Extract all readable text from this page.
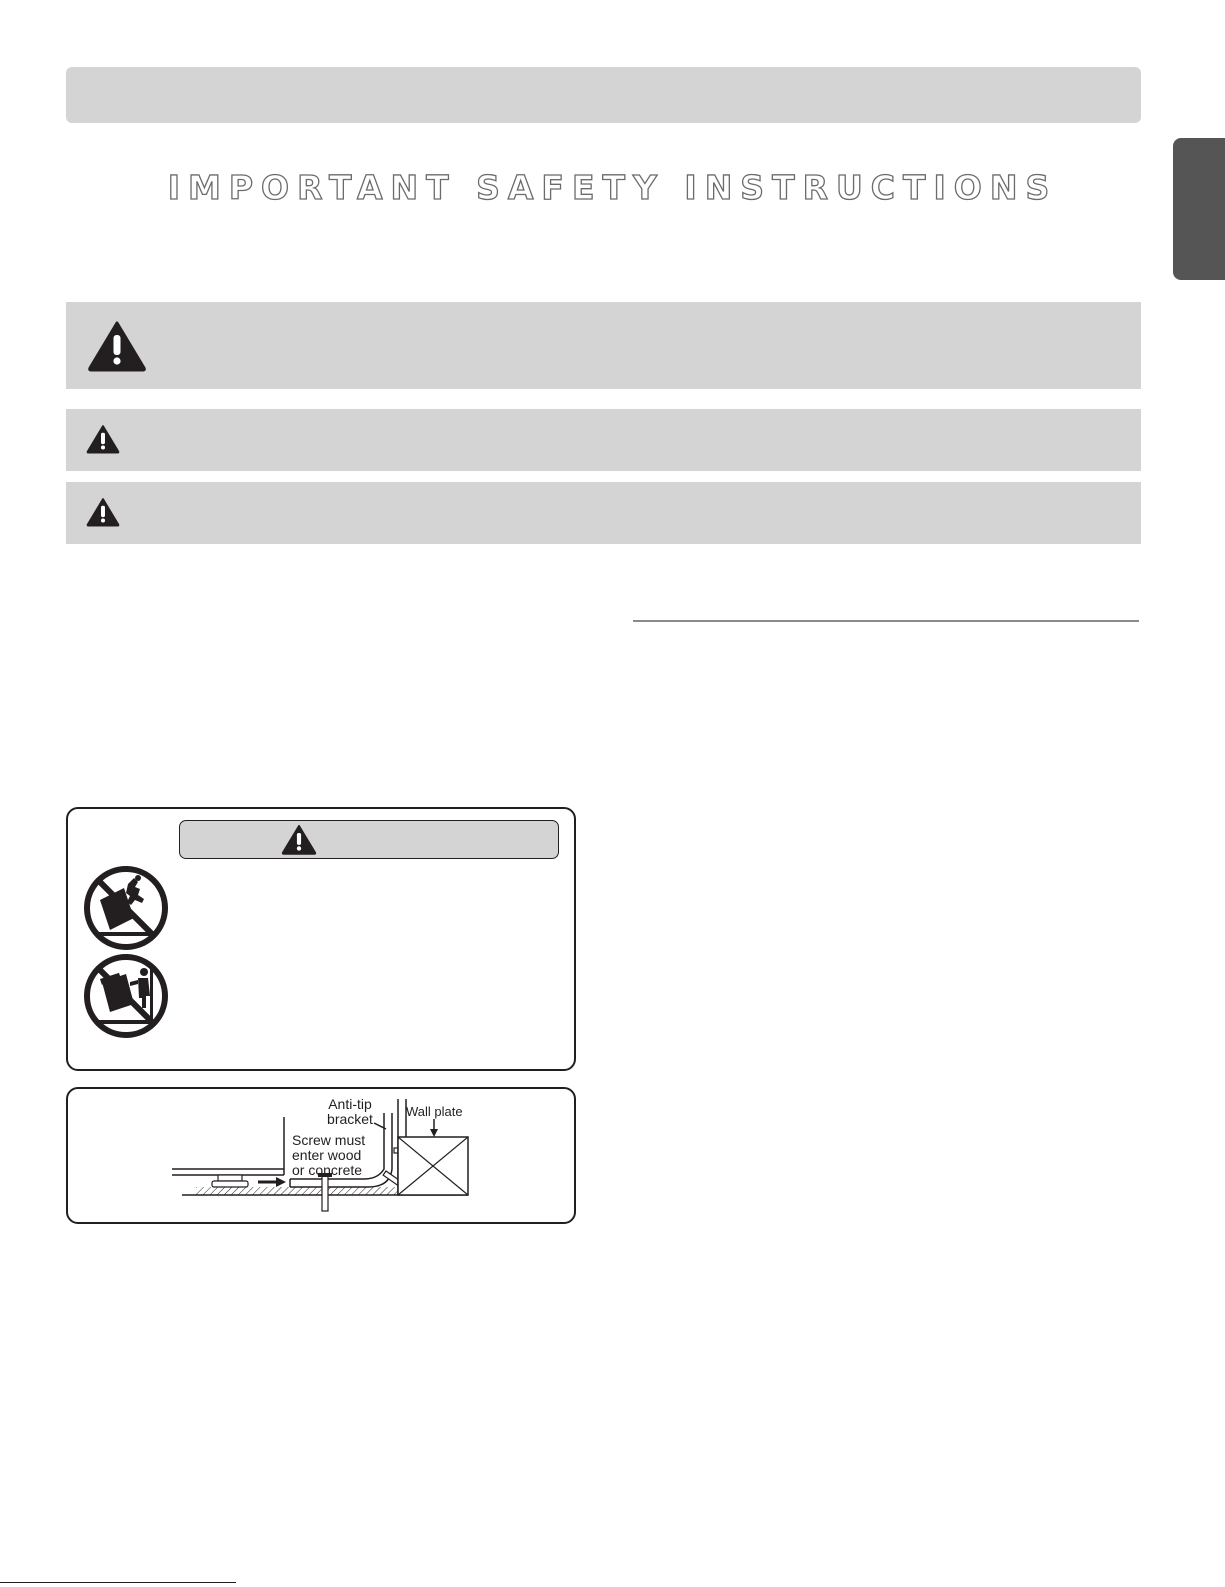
IMPORTANT SAFETY INSTRUCTIONS
Anti-tip
bracket	Wall plate
Screw must
enter wood
or concrete
